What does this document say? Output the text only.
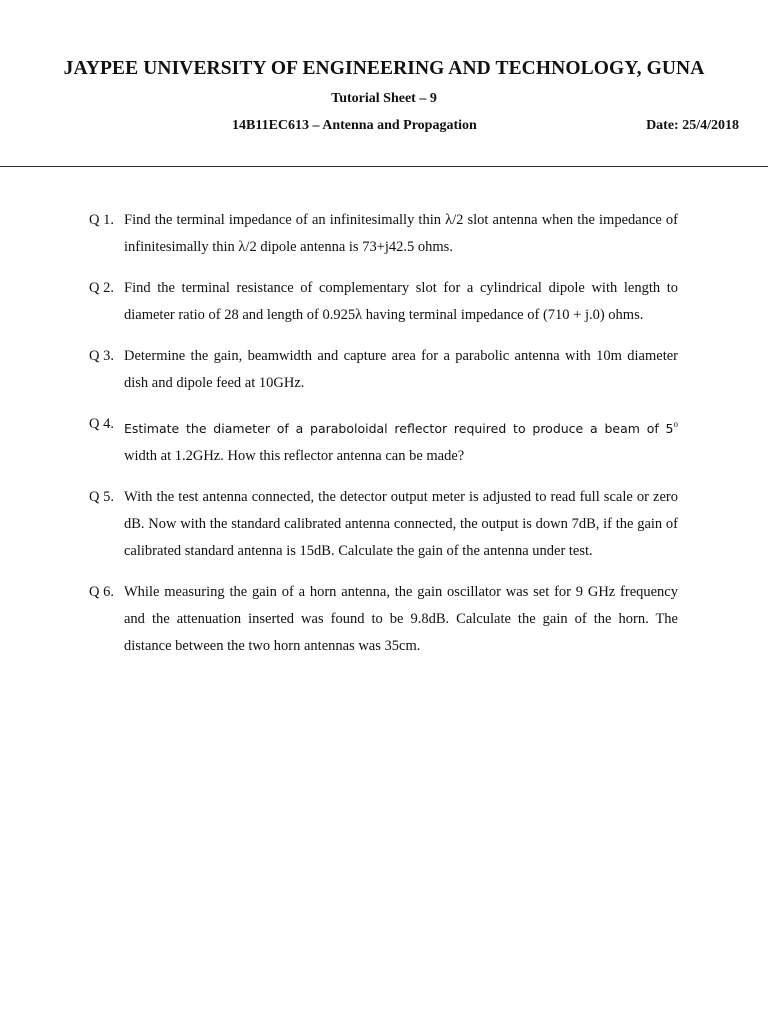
JAYPEE UNIVERSITY OF ENGINEERING AND TECHNOLOGY, GUNA
Tutorial Sheet – 9
14B11EC613 – Antenna and Propagation	Date: 25/4/2018
Q 1. Find the terminal impedance of an infinitesimally thin λ/2 slot antenna when the impedance of infinitesimally thin λ/2 dipole antenna is 73+j42.5 ohms.
Q 2. Find the terminal resistance of complementary slot for a cylindrical dipole with length to diameter ratio of 28 and length of 0.925λ having terminal impedance of (710 + j.0) ohms.
Q 3. Determine the gain, beamwidth and capture area for a parabolic antenna with 10m diameter dish and dipole feed at 10GHz.
Q 4. Estimate the diameter of a paraboloidal reflector required to produce a beam of 5$^o$ width at 1.2GHz. How this reflector antenna can be made?
Q 5. With the test antenna connected, the detector output meter is adjusted to read full scale or zero dB. Now with the standard calibrated antenna connected, the output is down 7dB, if the gain of calibrated standard antenna is 15dB. Calculate the gain of the antenna under test.
Q 6. While measuring the gain of a horn antenna, the gain oscillator was set for 9 GHz frequency and the attenuation inserted was found to be 9.8dB. Calculate the gain of the horn. The distance between the two horn antennas was 35cm.
